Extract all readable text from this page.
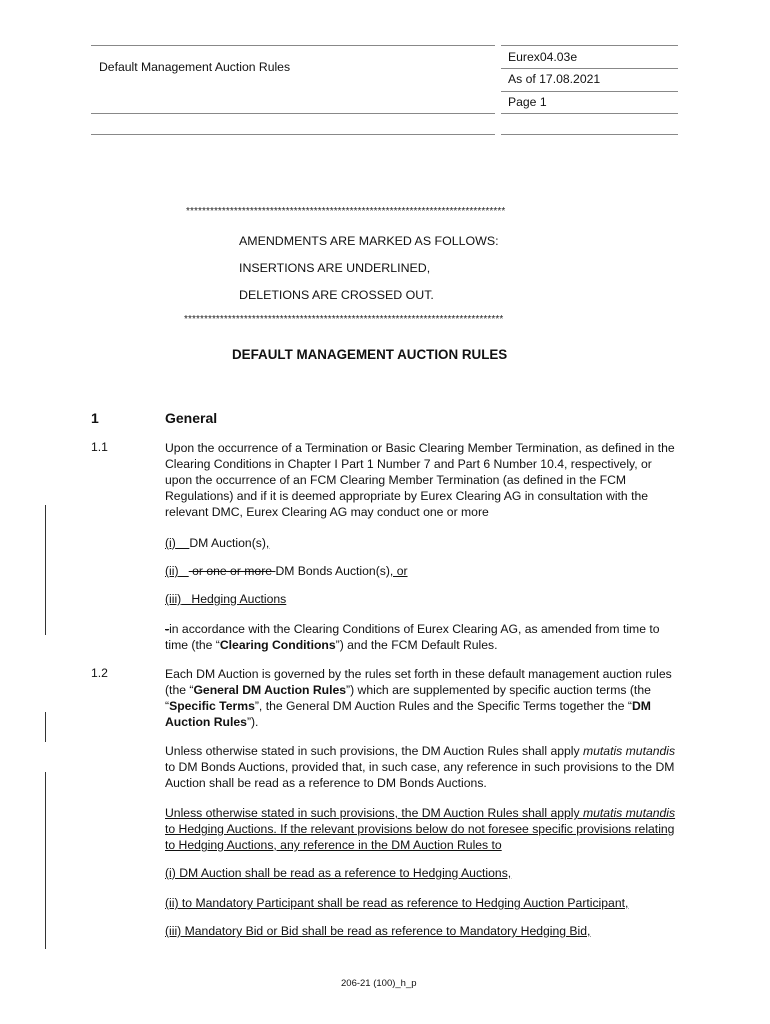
Default Management Auction Rules
Eurex04.03e
As of 17.08.2021
Page 1
********************************************************************************
AMENDMENTS ARE MARKED AS FOLLOWS:
INSERTIONS ARE UNDERLINED,
DELETIONS ARE CROSSED OUT.
********************************************************************************
DEFAULT MANAGEMENT AUCTION RULES
1	General
1.1	Upon the occurrence of a Termination or Basic Clearing Member Termination, as defined in the Clearing Conditions in Chapter I Part 1 Number 7 and Part 6 Number 10.4, respectively, or upon the occurrence of an FCM Clearing Member Termination (as defined in the FCM Regulations) and if it is deemed appropriate by Eurex Clearing AG in consultation with the relevant DMC, Eurex Clearing AG may conduct one or more
(i) DM Auction(s),
(ii) or one or more DM Bonds Auction(s), or
(iii) Hedging Auctions
-in accordance with the Clearing Conditions of Eurex Clearing AG, as amended from time to time (the “Clearing Conditions”) and the FCM Default Rules.
1.2	Each DM Auction is governed by the rules set forth in these default management auction rules (the “General DM Auction Rules”) which are supplemented by specific auction terms (the “Specific Terms”, the General DM Auction Rules and the Specific Terms together the “DM Auction Rules”).
Unless otherwise stated in such provisions, the DM Auction Rules shall apply mutatis mutandis to DM Bonds Auctions, provided that, in such case, any reference in such provisions to the DM Auction shall be read as a reference to DM Bonds Auctions.
Unless otherwise stated in such provisions, the DM Auction Rules shall apply mutatis mutandis to Hedging Auctions. If the relevant provisions below do not foresee specific provisions relating to Hedging Auctions, any reference in the DM Auction Rules to
(i) DM Auction shall be read as a reference to Hedging Auctions,
(ii) to Mandatory Participant shall be read as reference to Hedging Auction Participant,
(iii) Mandatory Bid or Bid shall be read as reference to Mandatory Hedging Bid,
206-21 (100)_h_p
